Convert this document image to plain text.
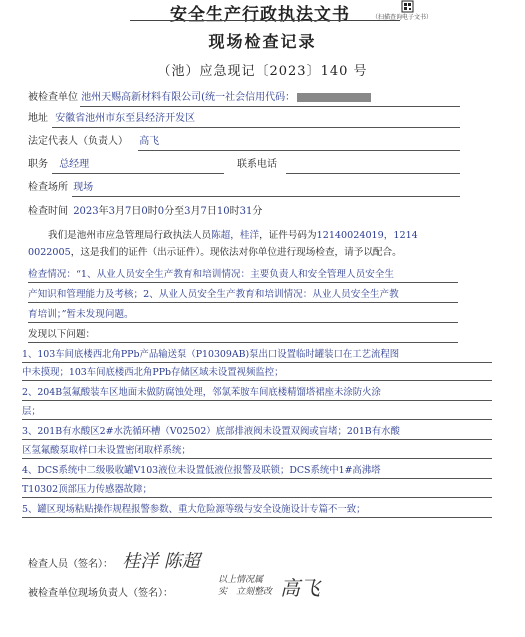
安全生产行政执法文书	（扫描查询电子文书）
现场检查记录
（池）应急现记〔2023〕140 号
被检查单位 池州天赐高新材料有限公司(统一社会信用代码：
地址 安徽省池州市东至县经济开发区
法定代表人（负责人） 高飞
职务 总经理	联系电话
检查场所 现场
检查时间 2023年3月7日0时0分至3月7日10时31分
我们是池州市应急管理局行政执法人员陈超，桂洋，证件号码为12140024019，1214
0022005，这是我们的证件（出示证件）。现依法对你单位进行现场检查，请予以配合。
检查情况：“1、从业人员安全生产教育和培训情况：主要负责人和安全管理人员安全生
产知识和管理能力及考核；2、从业人员安全生产教育和培训情况：从业人员安全生产教
育培训；”暂未发现问题。
发现以下问题：
1、103车间底楼西北角PPb产品输送泵（P10309AB)泵出口设置临时罐装口在工艺流程图
中未摸现；103车间底楼西北角PPb存储区域未设置视频监控；
2、204B氢氟酸装车区地面未做防腐蚀处理，邻氯苯胺车间底楼精馏塔裙座未涂防火涂
层；
3、201B有水酸区2#水洗循环槽（V02502）底部排液阀未设置双阀或盲堵；201B有水酸
区氢氟酸泵取样口未设置密闭取样系统；
4、DCS系统中二级吸收罐V103液位未设置低液位报警及联锁；DCS系统中1#高沸塔
T10302顶部压力传感器故障；
5、罐区现场粘贴操作规程报警参数、重大危险源等级与安全设施设计专篇不一致；
检查人员（签名）： 桂洋 陈超
被检查单位现场负责人（签名）：
以上情况属
实　立刻整改 高飞
